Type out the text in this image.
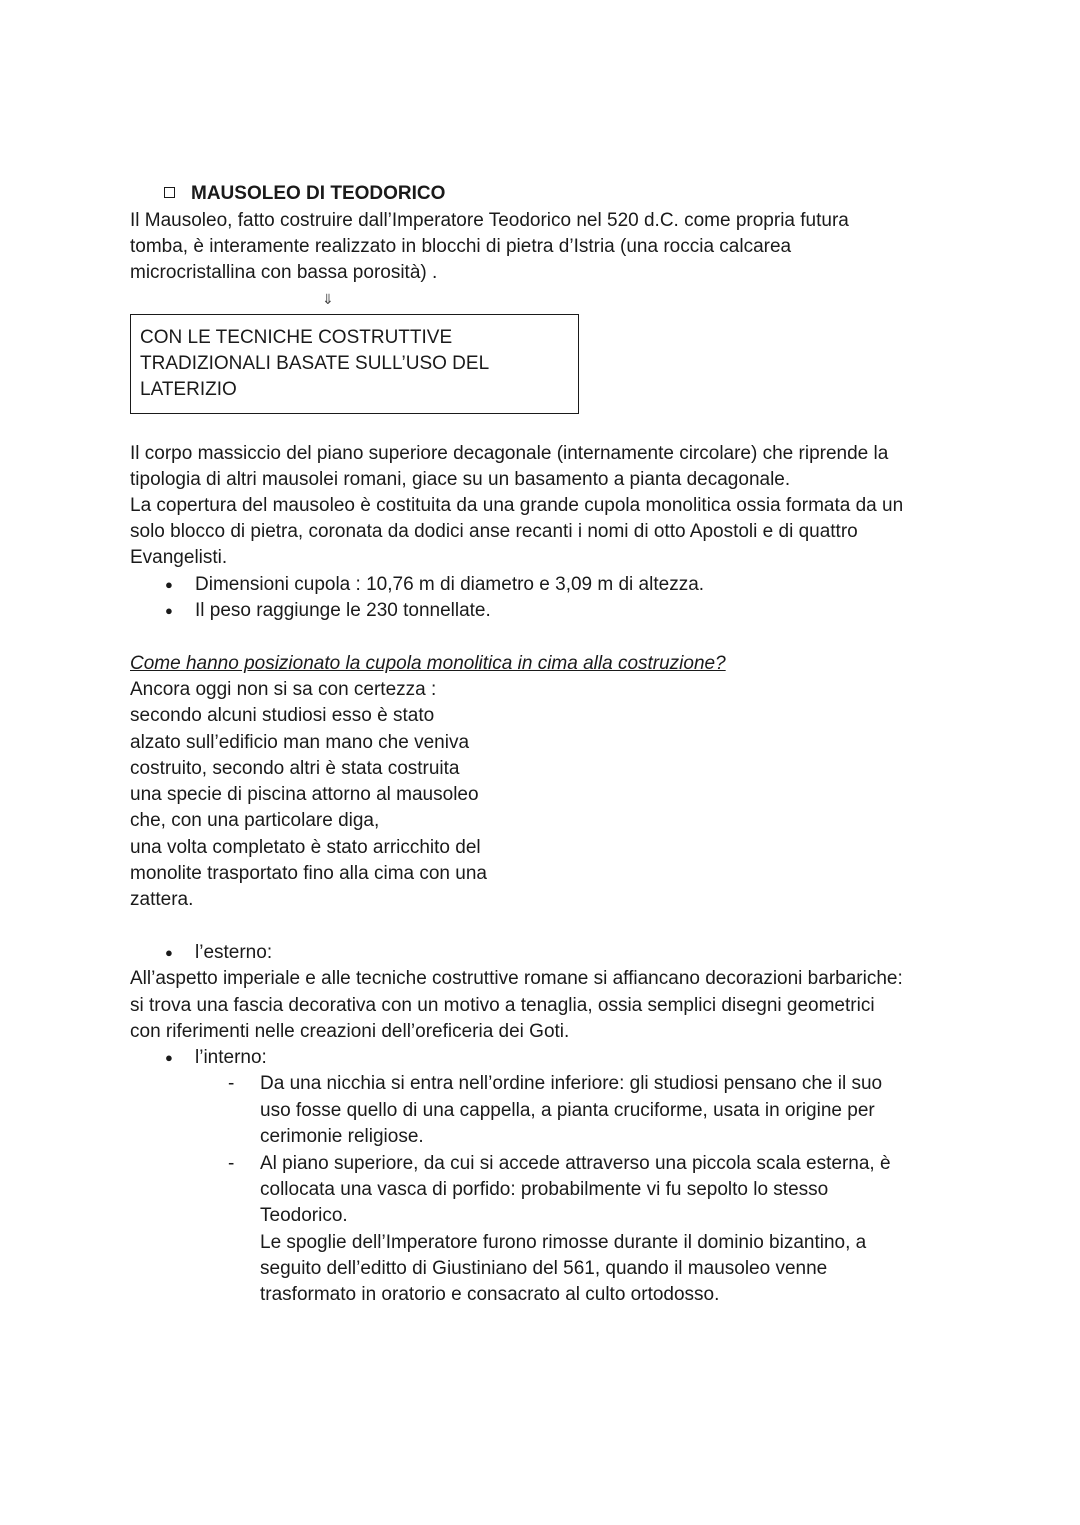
MAUSOLEO DI TEODORICO
Il Mausoleo, fatto costruire dall’Imperatore Teodorico nel 520 d.C. come propria futura
tomba, è interamente realizzato in blocchi di pietra d’Istria (una roccia calcarea
microcristallina con bassa porosità) .
⇓
CON LE TECNICHE COSTRUTTIVE
TRADIZIONALI BASATE SULL’USO DEL
LATERIZIO
Il corpo massiccio del piano superiore decagonale (internamente circolare) che riprende la
tipologia di altri mausolei romani, giace su un basamento a pianta decagonale.
La copertura del mausoleo è costituita da una grande cupola monolitica ossia formata da un
solo blocco di pietra, coronata da dodici anse recanti i nomi di otto Apostoli e di quattro
Evangelisti.
● Dimensioni cupola : 10,76 m di diametro e 3,09 m di altezza.
● Il peso raggiunge le 230 tonnellate.
Come hanno posizionato la cupola monolitica in cima alla costruzione?
Ancora oggi non si sa con certezza :
secondo alcuni studiosi esso è stato
alzato sull’edificio man mano che veniva
costruito, secondo altri è stata costruita
una specie di piscina attorno al mausoleo
che, con una particolare diga,
una volta completato è stato arricchito del
monolite trasportato fino alla cima con una
zattera.
● l’esterno:
All’aspetto imperiale e alle tecniche costruttive romane si affiancano decorazioni barbariche:
si trova una fascia decorativa con un motivo a tenaglia, ossia semplici disegni geometrici
con riferimenti nelle creazioni dell’oreficeria dei Goti.
● l’interno:
- Da una nicchia si entra nell’ordine inferiore: gli studiosi pensano che il suo
uso fosse quello di una cappella, a pianta cruciforme, usata in origine per
cerimonie religiose.
- Al piano superiore, da cui si accede attraverso una piccola scala esterna, è
collocata una vasca di porfido: probabilmente vi fu sepolto lo stesso
Teodorico.
Le spoglie dell’Imperatore furono rimosse durante il dominio bizantino, a
seguito dell’editto di Giustiniano del 561, quando il mausoleo venne
trasformato in oratorio e consacrato al culto ortodosso.
